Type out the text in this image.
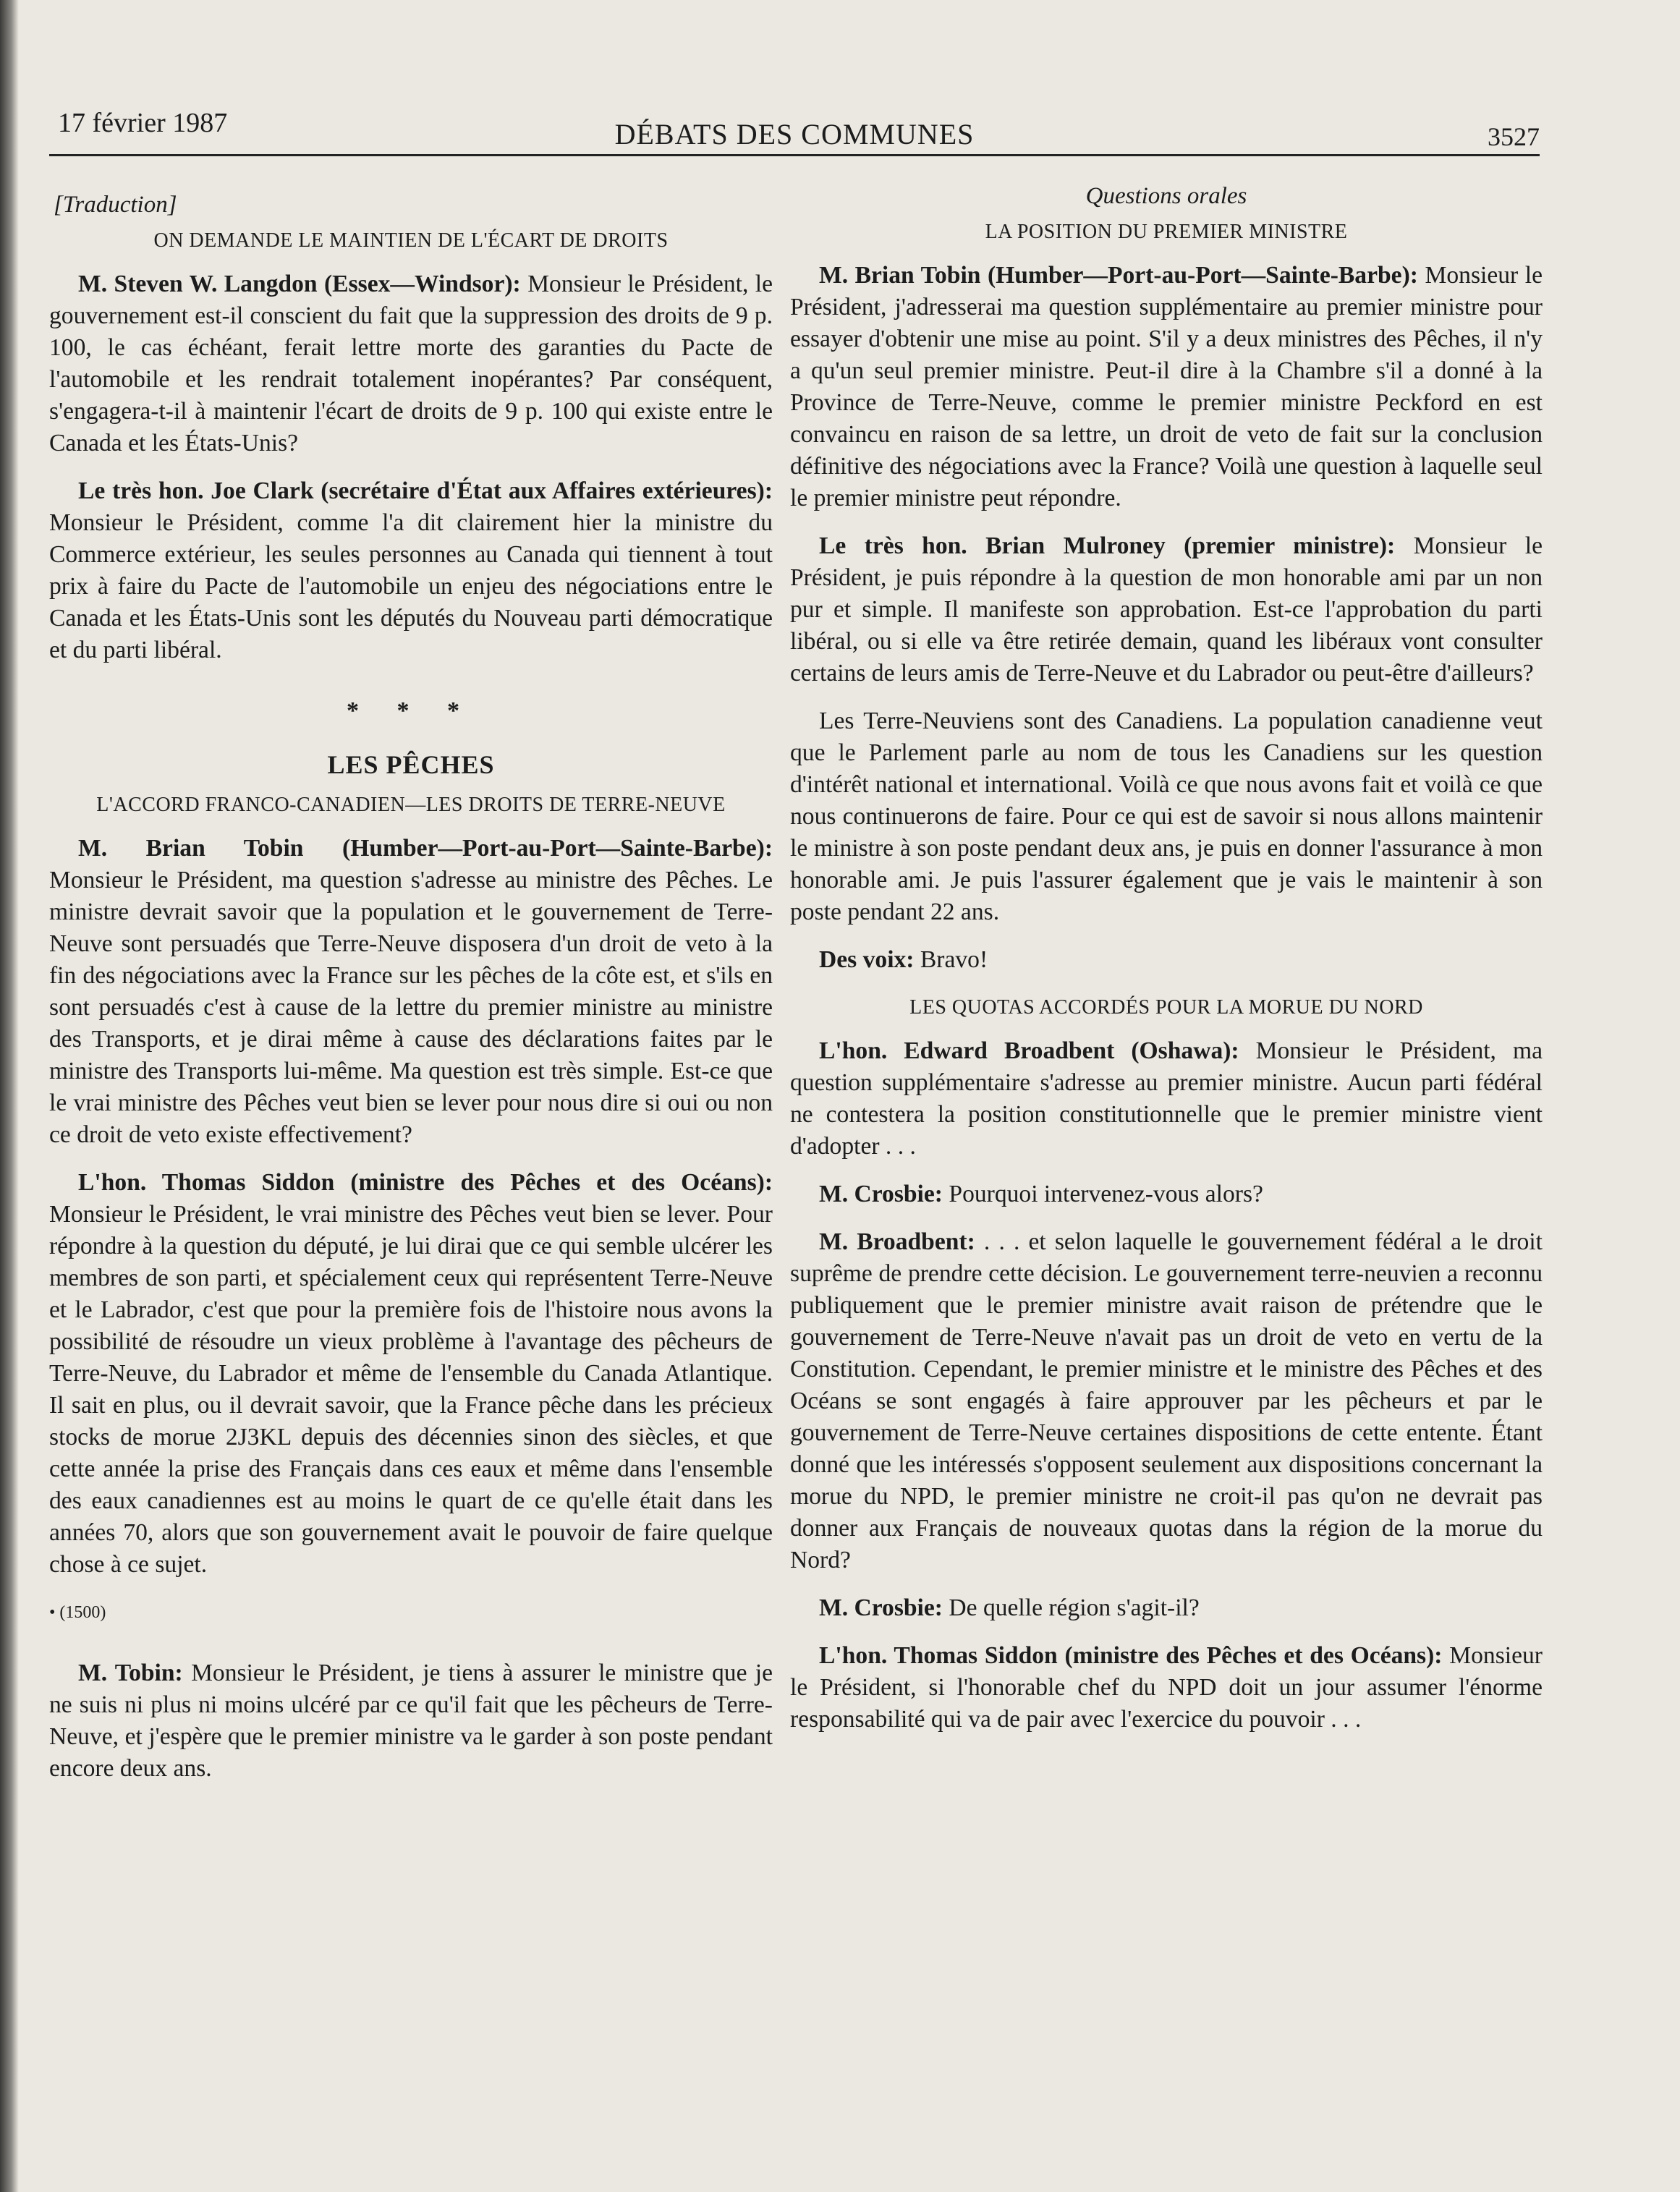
17 février 1987	DÉBATS DES COMMUNES	3527
[Traduction]
ON DEMANDE LE MAINTIEN DE L'ÉCART DE DROITS

M. Steven W. Langdon (Essex—Windsor): Monsieur le Président, le gouvernement est-il conscient du fait que la suppression des droits de 9 p. 100, le cas échéant, ferait lettre morte des garanties du Pacte de l'automobile et les rendrait totalement inopérantes? Par conséquent, s'engagera-t-il à maintenir l'écart de droits de 9 p. 100 qui existe entre le Canada et les États-Unis?

Le très hon. Joe Clark (secrétaire d'État aux Affaires extérieures): Monsieur le Président, comme l'a dit clairement hier la ministre du Commerce extérieur, les seules personnes au Canada qui tiennent à tout prix à faire du Pacte de l'automobile un enjeu des négociations entre le Canada et les États-Unis sont les députés du Nouveau parti démocratique et du parti libéral.

* * *
LES PÊCHES
L'ACCORD FRANCO-CANADIEN—LES DROITS DE TERRE-NEUVE

M. Brian Tobin (Humber—Port-au-Port—Sainte-Barbe): Monsieur le Président, ma question s'adresse au ministre des Pêches. Le ministre devrait savoir que la population et le gouvernement de Terre-Neuve sont persuadés que Terre-Neuve disposera d'un droit de veto à la fin des négociations avec la France sur les pêches de la côte est, et s'ils en sont persuadés c'est à cause de la lettre du premier ministre au ministre des Transports, et je dirai même à cause des déclarations faites par le ministre des Transports lui-même. Ma question est très simple. Est-ce que le vrai ministre des Pêches veut bien se lever pour nous dire si oui ou non ce droit de veto existe effectivement?

L'hon. Thomas Siddon (ministre des Pêches et des Océans): Monsieur le Président, le vrai ministre des Pêches veut bien se lever. Pour répondre à la question du député, je lui dirai que ce qui semble ulcérer les membres de son parti, et spécialement ceux qui représentent Terre-Neuve et le Labrador, c'est que pour la première fois de l'histoire nous avons la possibilité de résoudre un vieux problème à l'avantage des pêcheurs de Terre-Neuve, du Labrador et même de l'ensemble du Canada Atlantique. Il sait en plus, ou il devrait savoir, que la France pêche dans les précieux stocks de morue 2J3KL depuis des décennies sinon des siècles, et que cette année la prise des Français dans ces eaux et même dans l'ensemble des eaux canadiennes est au moins le quart de ce qu'elle était dans les années 70, alors que son gouvernement avait le pouvoir de faire quelque chose à ce sujet.

• (1500)

M. Tobin: Monsieur le Président, je tiens à assurer le ministre que je ne suis ni plus ni moins ulcéré par ce qu'il fait que les pêcheurs de Terre-Neuve, et j'espère que le premier ministre va le garder à son poste pendant encore deux ans.

Questions orales
LA POSITION DU PREMIER MINISTRE

M. Brian Tobin (Humber—Port-au-Port—Sainte-Barbe): Monsieur le Président, j'adresserai ma question supplémentaire au premier ministre pour essayer d'obtenir une mise au point. S'il y a deux ministres des Pêches, il n'y a qu'un seul premier ministre. Peut-il dire à la Chambre s'il a donné à la Province de Terre-Neuve, comme le premier ministre Peckford en est convaincu en raison de sa lettre, un droit de veto de fait sur la conclusion définitive des négociations avec la France? Voilà une question à laquelle seul le premier ministre peut répondre.

Le très hon. Brian Mulroney (premier ministre): Monsieur le Président, je puis répondre à la question de mon honorable ami par un non pur et simple. Il manifeste son approbation. Est-ce l'approbation du parti libéral, ou si elle va être retirée demain, quand les libéraux vont consulter certains de leurs amis de Terre-Neuve et du Labrador ou peut-être d'ailleurs?

Les Terre-Neuviens sont des Canadiens. La population canadienne veut que le Parlement parle au nom de tous les Canadiens sur les question d'intérêt national et international. Voilà ce que nous avons fait et voilà ce que nous continuerons de faire. Pour ce qui est de savoir si nous allons maintenir le ministre à son poste pendant deux ans, je puis en donner l'assurance à mon honorable ami. Je puis l'assurer également que je vais le maintenir à son poste pendant 22 ans.

Des voix: Bravo!

LES QUOTAS ACCORDÉS POUR LA MORUE DU NORD

L'hon. Edward Broadbent (Oshawa): Monsieur le Président, ma question supplémentaire s'adresse au premier ministre. Aucun parti fédéral ne contestera la position constitutionnelle que le premier ministre vient d'adopter . . .

M. Crosbie: Pourquoi intervenez-vous alors?

M. Broadbent: . . . et selon laquelle le gouvernement fédéral a le droit suprême de prendre cette décision. Le gouvernement terre-neuvien a reconnu publiquement que le premier ministre avait raison de prétendre que le gouvernement de Terre-Neuve n'avait pas un droit de veto en vertu de la Constitution. Cependant, le premier ministre et le ministre des Pêches et des Océans se sont engagés à faire approuver par les pêcheurs et par le gouvernement de Terre-Neuve certaines dispositions de cette entente. Étant donné que les intéressés s'opposent seulement aux dispositions concernant la morue du NPD, le premier ministre ne croit-il pas qu'on ne devrait pas donner aux Français de nouveaux quotas dans la région de la morue du Nord?

M. Crosbie: De quelle région s'agit-il?

L'hon. Thomas Siddon (ministre des Pêches et des Océans): Monsieur le Président, si l'honorable chef du NPD doit un jour assumer l'énorme responsabilité qui va de pair avec l'exercice du pouvoir . . .
